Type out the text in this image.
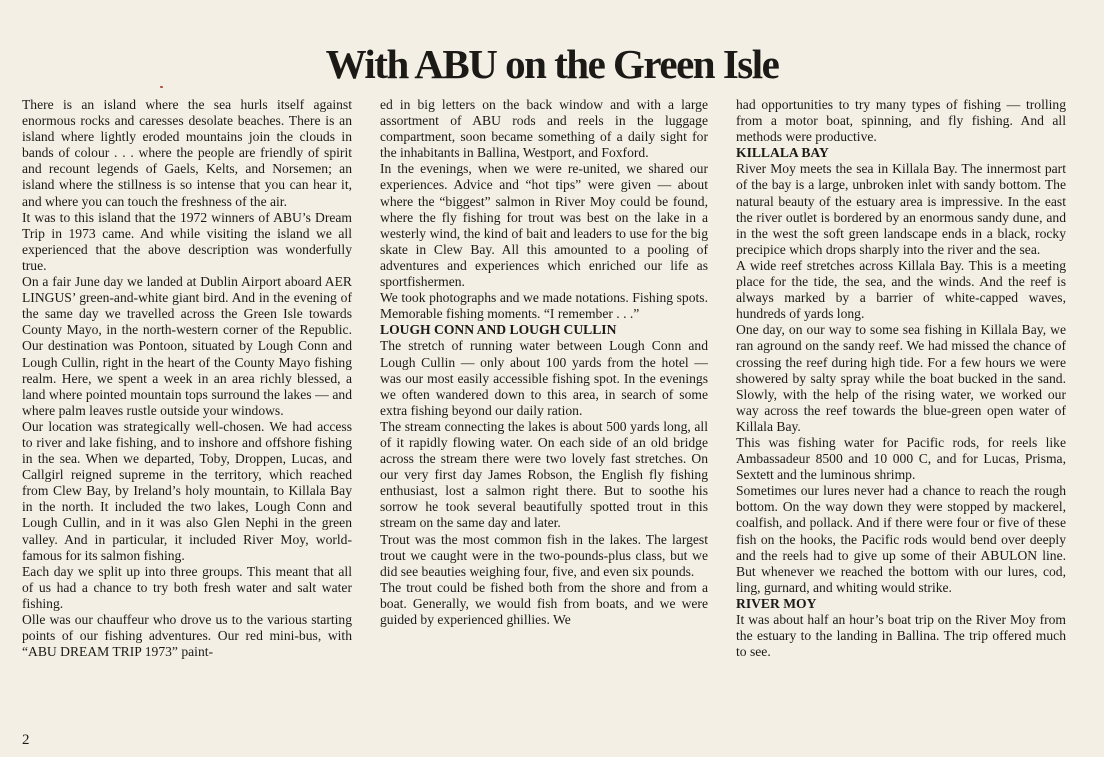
With ABU on the Green Isle

There is an island where the sea hurls itself against enormous rocks and caresses desolate beaches. There is an island where lightly eroded mountains join the clouds in bands of colour . . . where the people are friendly of spirit and recount legends of Gaels, Kelts, and Norsemen; an island where the stillness is so intense that you can hear it, and where you can touch the freshness of the air.

It was to this island that the 1972 winners of ABU’s Dream Trip in 1973 came. And while visiting the island we all experienced that the above description was wonderfully true.

On a fair June day we landed at Dublin Airport aboard AER LINGUS’ green-and-white giant bird. And in the evening of the same day we travelled across the Green Isle towards County Mayo, in the north-western corner of the Republic. Our destination was Pontoon, situated by Lough Conn and Lough Cullin, right in the heart of the County Mayo fishing realm. Here, we spent a week in an area richly blessed, a land where pointed mountain tops surround the lakes — and where palm leaves rustle outside your windows.

Our location was strategically well-chosen. We had access to river and lake fishing, and to inshore and offshore fishing in the sea. When we departed, Toby, Droppen, Lucas, and Callgirl reigned supreme in the territory, which reached from Clew Bay, by Ireland’s holy mountain, to Killala Bay in the north. It included the two lakes, Lough Conn and Lough Cullin, and in it was also Glen Nephi in the green valley. And in particular, it included River Moy, world-famous for its salmon fishing.

Each day we split up into three groups. This meant that all of us had a chance to try both fresh water and salt water fishing.

Olle was our chauffeur who drove us to the various starting points of our fishing adventures. Our red mini-bus, with “ABU DREAM TRIP 1973” paint-

ed in big letters on the back window and with a large assortment of ABU rods and reels in the luggage compartment, soon became something of a daily sight for the inhabitants in Ballina, Westport, and Foxford.

In the evenings, when we were re-united, we shared our experiences. Advice and “hot tips” were given — about where the “biggest” salmon in River Moy could be found, where the fly fishing for trout was best on the lake in a westerly wind, the kind of bait and leaders to use for the big skate in Clew Bay. All this amounted to a pooling of adventures and experiences which enriched our life as sportfishermen.

We took photographs and we made notations. Fishing spots. Memorable fishing moments. “I remember . . .”

LOUGH CONN AND LOUGH CULLIN

The stretch of running water between Lough Conn and Lough Cullin — only about 100 yards from the hotel — was our most easily accessible fishing spot. In the evenings we often wandered down to this area, in search of some extra fishing beyond our daily ration.

The stream connecting the lakes is about 500 yards long, all of it rapidly flowing water. On each side of an old bridge across the stream there were two lovely fast stretches. On our very first day James Robson, the English fly fishing enthusiast, lost a salmon right there. But to soothe his sorrow he took several beautifully spotted trout in this stream on the same day and later.

Trout was the most common fish in the lakes. The largest trout we caught were in the two-pounds-plus class, but we did see beauties weighing four, five, and even six pounds.

The trout could be fished both from the shore and from a boat. Generally, we would fish from boats, and we were guided by experienced ghillies. We

had opportunities to try many types of fishing — trolling from a motor boat, spinning, and fly fishing. And all methods were productive.

KILLALA BAY

River Moy meets the sea in Killala Bay. The innermost part of the bay is a large, unbroken inlet with sandy bottom. The natural beauty of the estuary area is impressive. In the east the river outlet is bordered by an enormous sandy dune, and in the west the soft green landscape ends in a black, rocky precipice which drops sharply into the river and the sea.

A wide reef stretches across Killala Bay. This is a meeting place for the tide, the sea, and the winds. And the reef is always marked by a barrier of white-capped waves, hundreds of yards long.

One day, on our way to some sea fishing in Killala Bay, we ran aground on the sandy reef. We had missed the chance of crossing the reef during high tide. For a few hours we were showered by salty spray while the boat bucked in the sand. Slowly, with the help of the rising water, we worked our way across the reef towards the blue-green open water of Killala Bay.

This was fishing water for Pacific rods, for reels like Ambassadeur 8500 and 10 000 C, and for Lucas, Prisma, Sextett and the luminous shrimp.

Sometimes our lures never had a chance to reach the rough bottom. On the way down they were stopped by mackerel, coalfish, and pollack. And if there were four or five of these fish on the hooks, the Pacific rods would bend over deeply and the reels had to give up some of their ABULON line. But whenever we reached the bottom with our lures, cod, ling, gurnard, and whiting would strike.

RIVER MOY

It was about half an hour’s boat trip on the River Moy from the estuary to the landing in Ballina. The trip offered much to see.

2
